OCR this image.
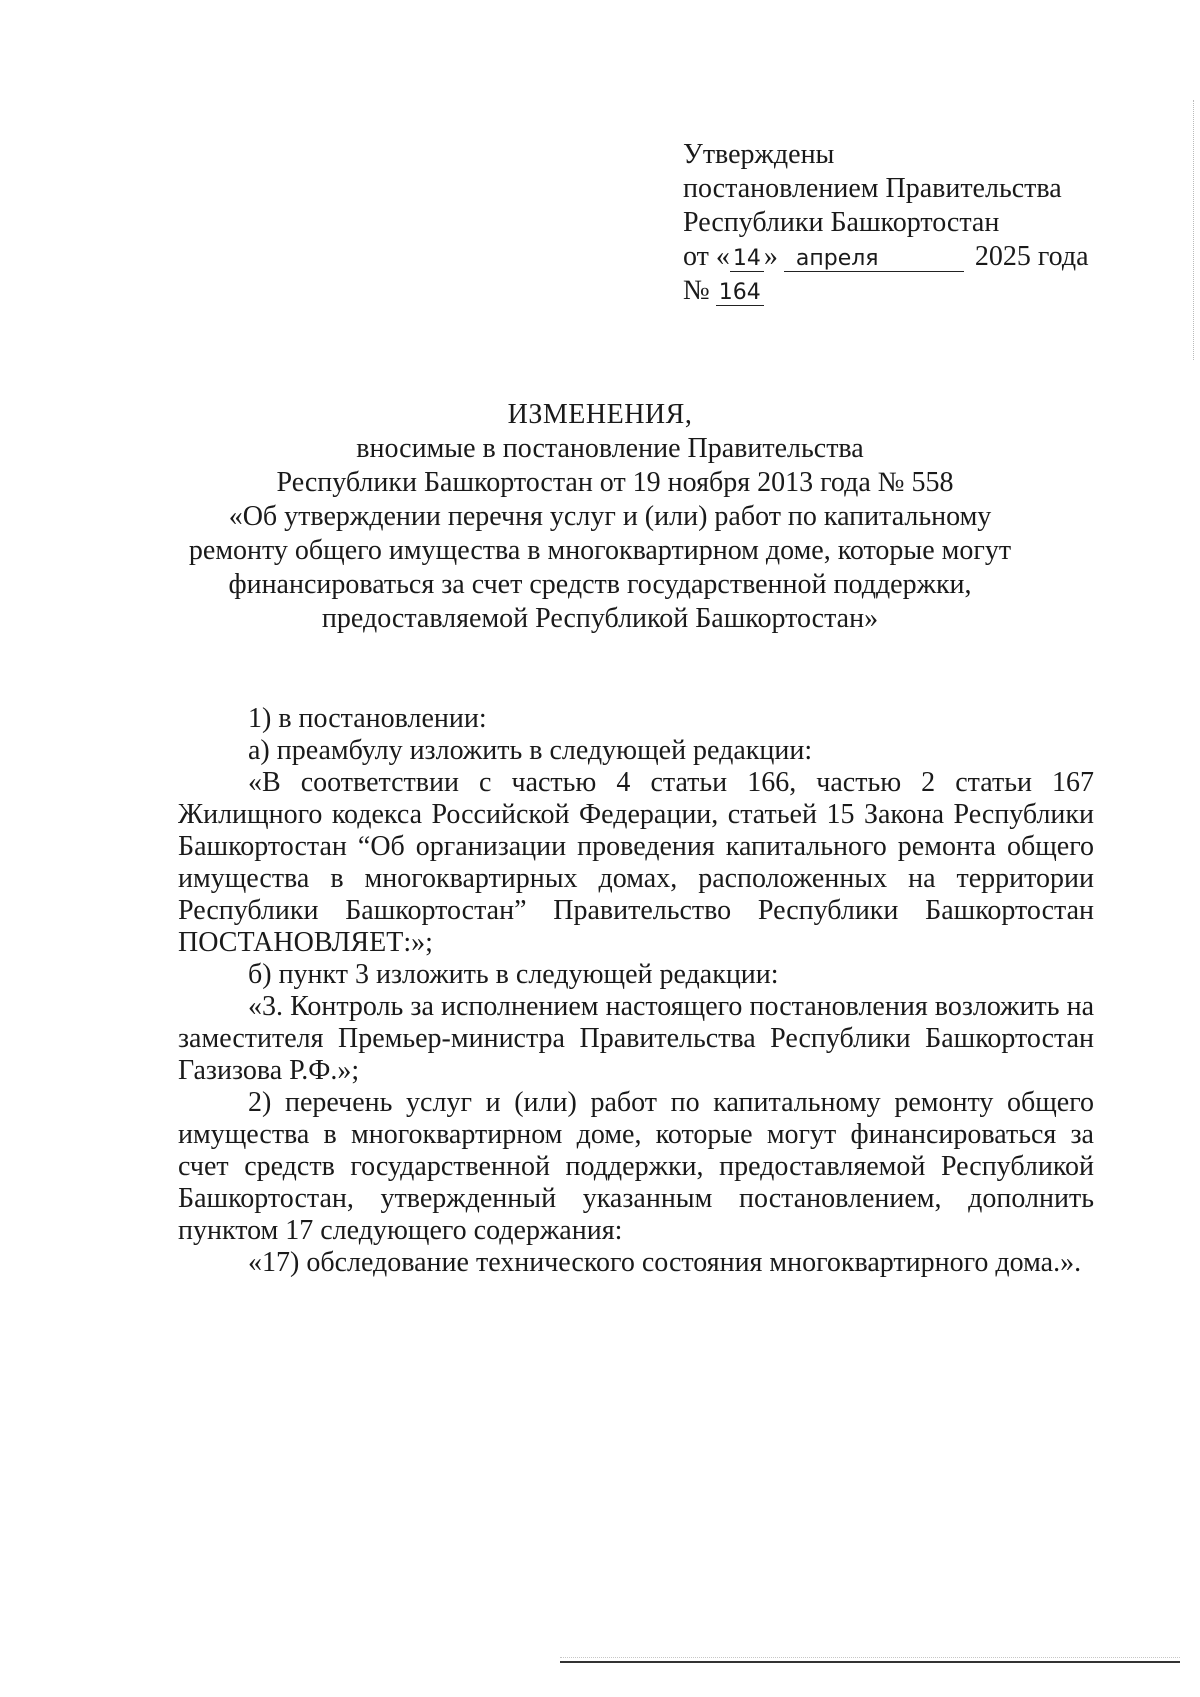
Утверждены
постановлением Правительства
Республики Башкортостан
от « 14 » апреля	2025 года
№ 164
ИЗМЕНЕНИЯ,
вносимые в постановление Правительства
Республики Башкортостан от 19 ноября 2013 года № 558
«Об утверждении перечня услуг и (или) работ по капитальному
ремонту общего имущества в многоквартирном доме, которые могут
финансироваться за счет средств государственной поддержки,
предоставляемой Республикой Башкортостан»

1) в постановлении:

а) преамбулу изложить в следующей редакции:

«В соответствии с частью 4 статьи 166, частью 2 статьи 167 Жилищного кодекса Российской Федерации, статьей 15 Закона Республики Башкортостан “Об организации проведения капитального ремонта общего имущества в многоквартирных домах, расположенных на территории Республики Башкортостан” Правительство Республики Башкортостан ПОСТАНОВЛЯЕТ:»;

б) пункт 3 изложить в следующей редакции:

«3. Контроль за исполнением настоящего постановления возложить на заместителя Премьер-министра Правительства Республики Башкортостан Газизова Р.Ф.»;

2) перечень услуг и (или) работ по капитальному ремонту общего имущества в многоквартирном доме, которые могут финансироваться за счет средств государственной поддержки, предоставляемой Республикой Башкортостан, утвержденный указанным постановлением, дополнить пунктом 17 следующего содержания:

«17) обследование технического состояния многоквартирного дома.».
